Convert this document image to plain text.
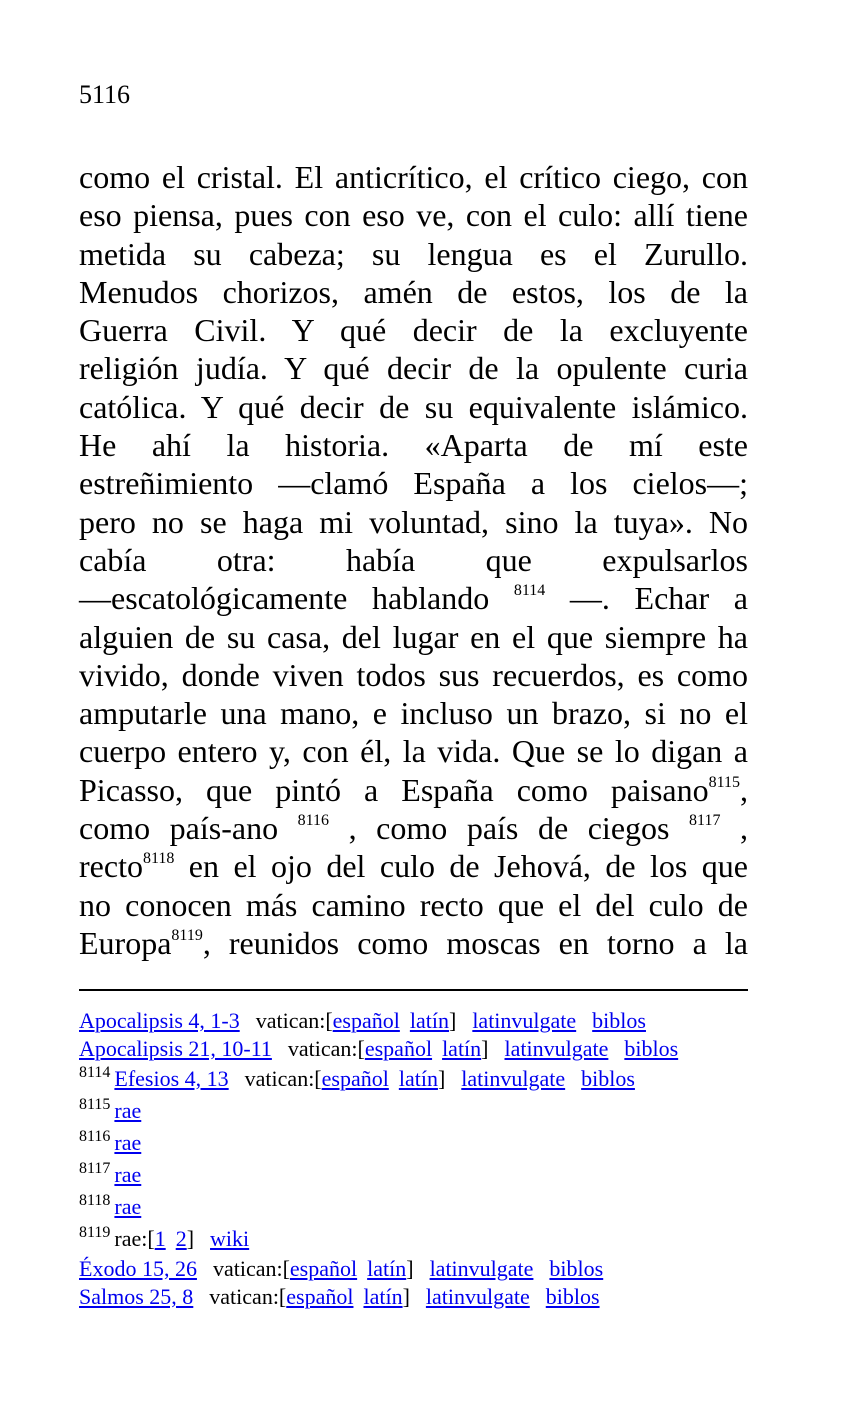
5116
como el cristal. El anticrítico, el crítico ciego, con
eso piensa, pues con eso ve, con el culo: allí tiene
metida su cabeza; su lengua es el Zurullo.
Menudos chorizos, amén de estos, los de la
Guerra Civil. Y qué decir de la excluyente
religión judía. Y qué decir de la opulente curia
católica. Y qué decir de su equivalente islámico.
He ahí la historia. «Aparta de mí este
estreñimiento —clamó España a los cielos—;
pero no se haga mi voluntad, sino la tuya». No
cabía otra: había que expulsarlos
—escatológicamente hablando $^{8114}$ —. Echar a
alguien de su casa, del lugar en el que siempre ha
vivido, donde viven todos sus recuerdos, es como
amputarle una mano, e incluso un brazo, si no el
cuerpo entero y, con él, la vida. Que se lo digan a
Picasso, que pintó a España como paisano$^{8115}$,
como país-ano $^{8116}$ , como país de ciegos $^{8117}$ ,
recto$^{8118}$ en el ojo del culo de Jehová, de los que
no conocen más camino recto que el del culo de
Europa$^{8119}$, reunidos como moscas en torno a la
Apocalipsis 4, 1-3 vatican:[español latín] latinvulgate biblos
Apocalipsis 21, 10-11 vatican:[español latín] latinvulgate biblos
$^{8114}$ Efesios 4, 13 vatican:[español latín] latinvulgate biblos
$^{8115}$ rae
$^{8116}$ rae
$^{8117}$ rae
$^{8118}$ rae
$^{8119}$ rae:[1 2] wiki
Éxodo 15, 26 vatican:[español latín] latinvulgate biblos
Salmos 25, 8 vatican:[español latín] latinvulgate biblos
